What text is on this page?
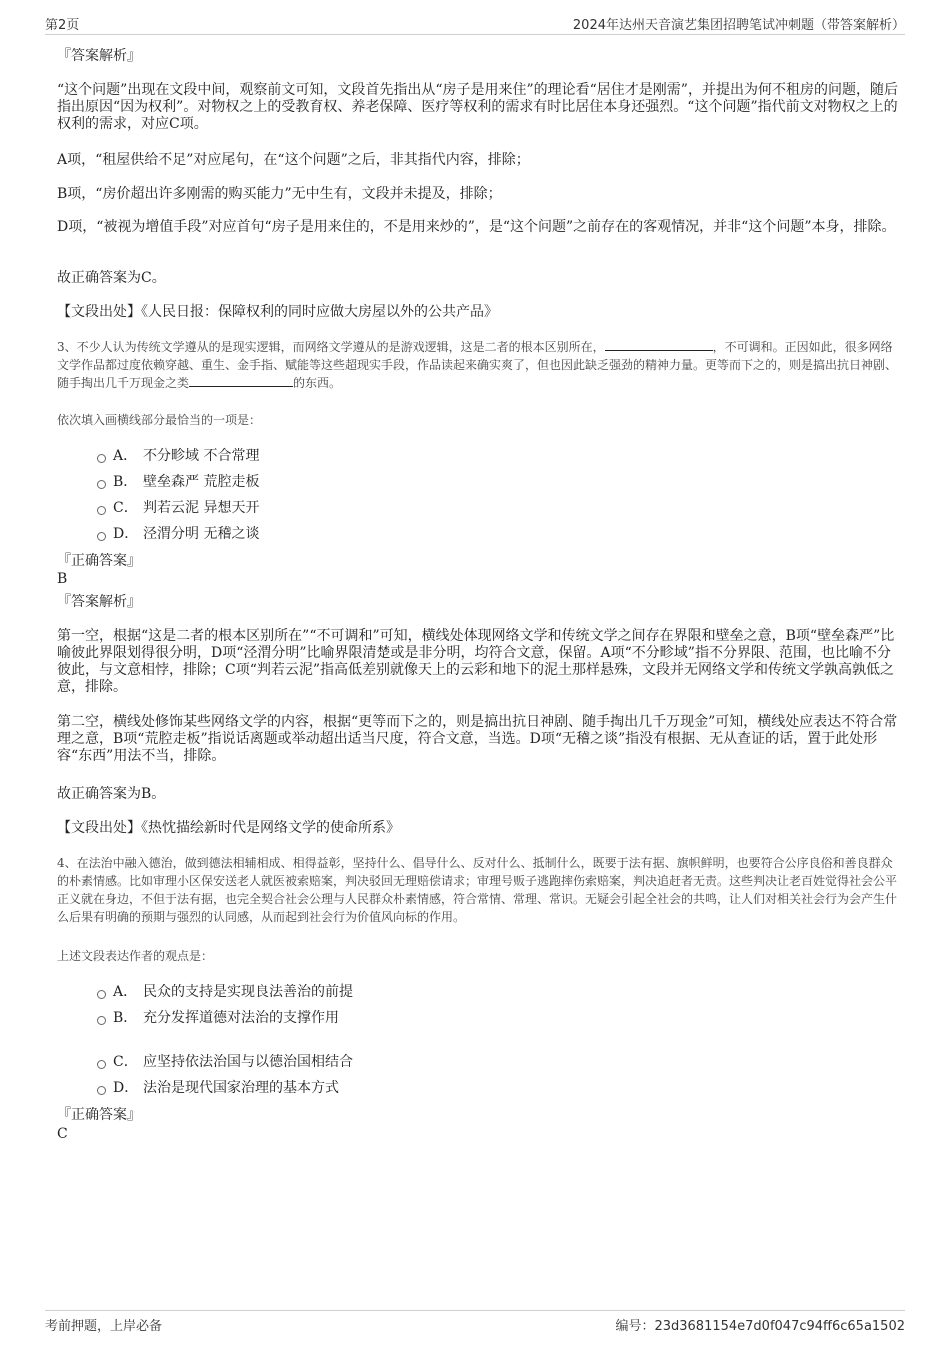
第2页	2024年达州天音演艺集团招聘笔试冲刺题（带答案解析）
『答案解析』
“这个问题”出现在文段中间，观察前文可知，文段首先指出从“房子是用来住”的理论看“居住才是刚需”，并提出为何不租房的问题，随后指出原因“因为权利”。对物权之上的受教育权、养老保障、医疗等权利的需求有时比居住本身还强烈。“这个问题”指代前文对物权之上的权利的需求，对应C项。
A项，“租屋供给不足”对应尾句，在“这个问题”之后，非其指代内容，排除；
B项，“房价超出许多刚需的购买能力”无中生有，文段并未提及，排除；
D项，“被视为增值手段”对应首句“房子是用来住的，不是用来炒的”，是“这个问题”之前存在的客观情况，并非“这个问题”本身，排除。
故正确答案为C。
【文段出处】《人民日报：保障权利的同时应做大房屋以外的公共产品》
3、不少人认为传统文学遵从的是现实逻辑，而网络文学遵从的是游戏逻辑，这是二者的根本区别所在，	，不可调和。正因如此，很多网络文学作品都过度依赖穿越、重生、金手指、赋能等这些超现实手段，作品读起来确实爽了，但也因此缺乏强劲的精神力量。更等而下之的，则是搞出抗日神剧、随手掏出几千万现金之类	的东西。
依次填入画横线部分最恰当的一项是：
A． 不分畛域 不合常理
B． 壁垒森严 荒腔走板
C． 判若云泥 异想天开
D． 泾渭分明 无稽之谈
『正确答案』
B
『答案解析』
第一空，根据“这是二者的根本区别所在”“不可调和”可知，横线处体现网络文学和传统文学之间存在界限和壁垒之意，B项“壁垒森严”比喻彼此界限划得很分明，D项“泾渭分明”比喻界限清楚或是非分明，均符合文意，保留。A项“不分畛域”指不分界限、范围，也比喻不分彼此，与文意相悖，排除；C项“判若云泥”指高低差别就像天上的云彩和地下的泥土那样悬殊，文段并无网络文学和传统文学孰高孰低之意，排除。
第二空，横线处修饰某些网络文学的内容，根据“更等而下之的，则是搞出抗日神剧、随手掏出几千万现金”可知，横线处应表达不符合常理之意，B项“荒腔走板”指说话离题或举动超出适当尺度，符合文意，当选。D项“无稽之谈”指没有根据、无从查证的话，置于此处形容“东西”用法不当，排除。
故正确答案为B。
【文段出处】《热忱描绘新时代是网络文学的使命所系》
4、在法治中融入德治，做到德法相辅相成、相得益彰，坚持什么、倡导什么、反对什么、抵制什么，既要于法有据、旗帜鲜明，也要符合公序良俗和善良群众的朴素情感。比如审理小区保安送老人就医被索赔案，判决驳回无理赔偿请求；审理号贩子逃跑摔伤索赔案，判决追赶者无责。这些判决让老百姓觉得社会公平正义就在身边，不但于法有据，也完全契合社会公理与人民群众朴素情感，符合常情、常理、常识。无疑会引起全社会的共鸣，让人们对相关社会行为会产生什么后果有明确的预期与强烈的认同感，从而起到社会行为价值风向标的作用。
上述文段表达作者的观点是：
A． 民众的支持是实现良法善治的前提
B． 充分发挥道德对法治的支撑作用
C． 应坚持依法治国与以德治国相结合
D． 法治是现代国家治理的基本方式
『正确答案』
C
考前押题，上岸必备	编号：23d3681154e7d0f047c94ff6c65a1502
